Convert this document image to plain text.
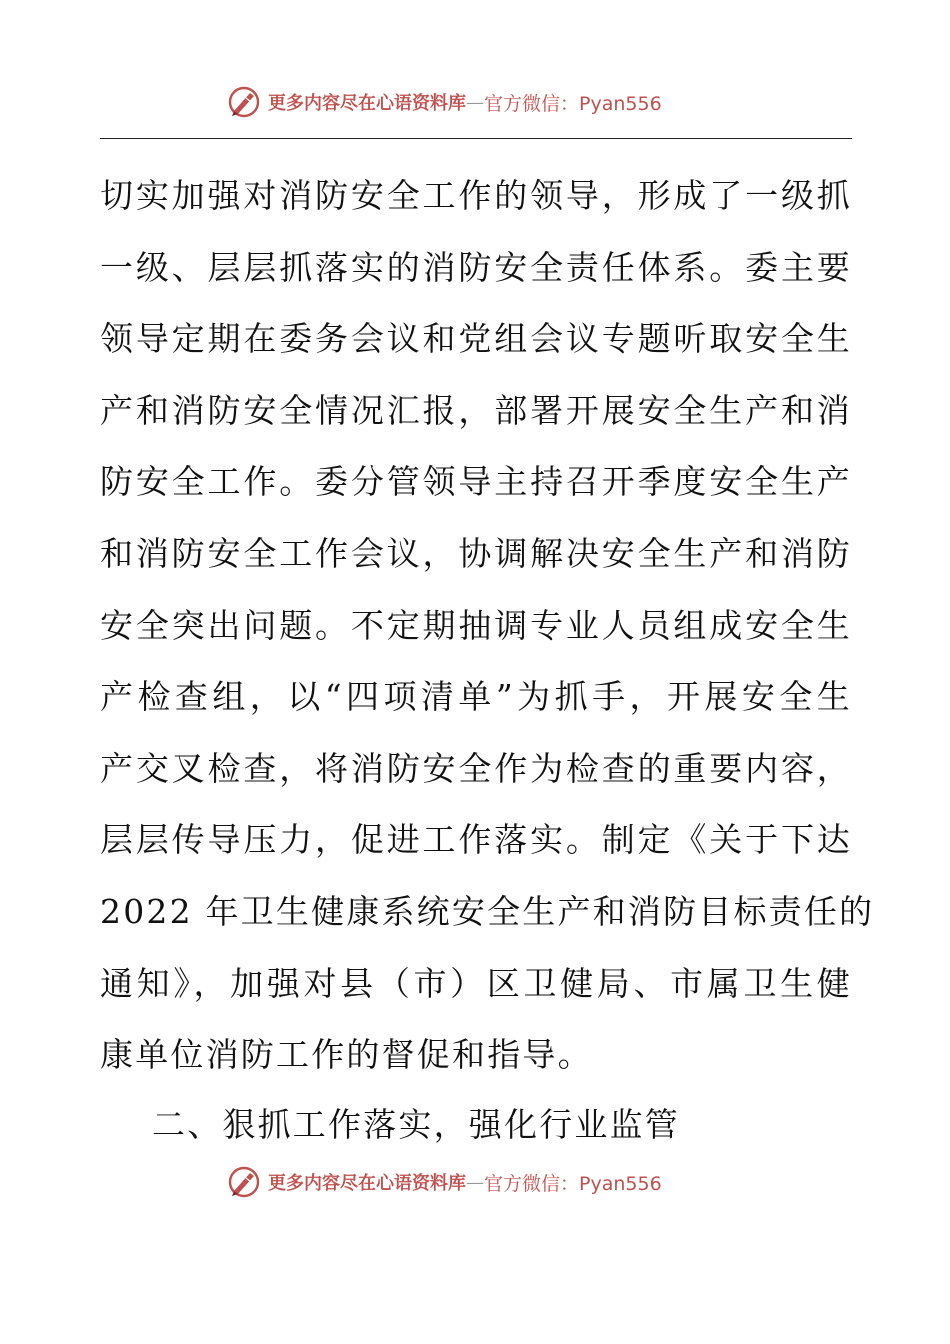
更多内容尽在心语资料库 — 官方微信：Pyan556
切实加强对消防安全工作的领导，形成了一级抓
一级、层层抓落实的消防安全责任体系。委主要
领导定期在委务会议和党组会议专题听取安全生
产和消防安全情况汇报，部署开展安全生产和消
防安全工作。委分管领导主持召开季度安全生产
和消防安全工作会议，协调解决安全生产和消防
安全突出问题。不定期抽调专业人员组成安全生
产检查组，以“四项清单”为抓手，开展安全生
产交叉检查，将消防安全作为检查的重要内容，
层层传导压力，促进工作落实。制定《关于下达
2022 年卫生健康系统安全生产和消防目标责任的
通知》，加强对县（市）区卫健局、市属卫生健
康单位消防工作的督促和指导。
二、狠抓工作落实，强化行业监管
更多内容尽在心语资料库 — 官方微信：Pyan556
